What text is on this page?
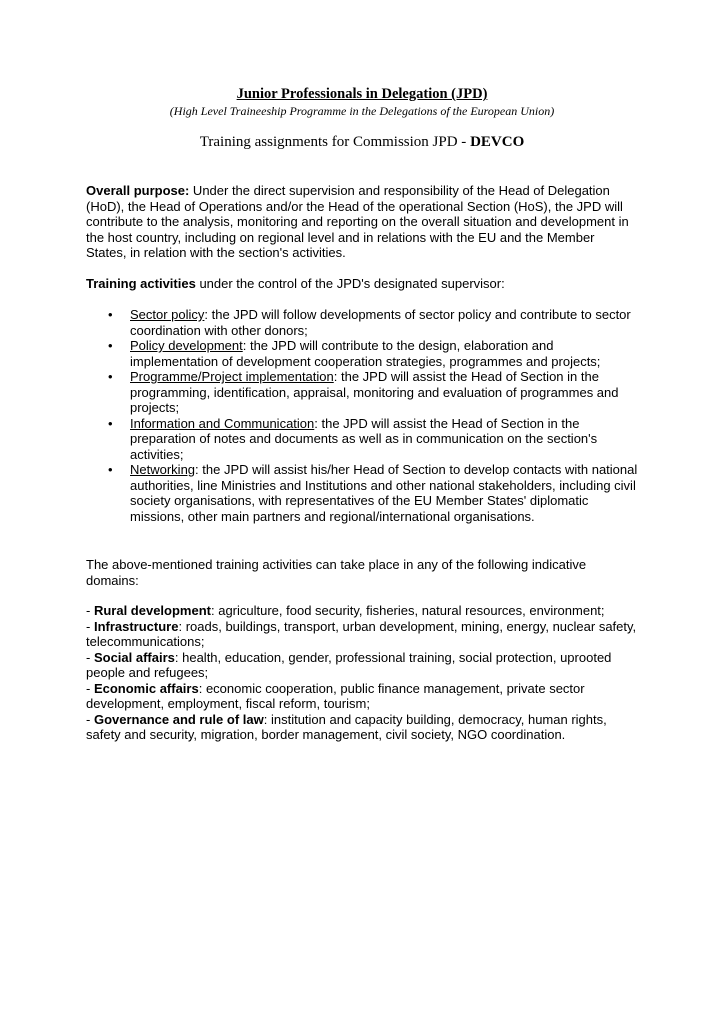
Junior Professionals in Delegation (JPD)
(High Level Traineeship Programme in the Delegations of the European Union)
Training assignments for Commission JPD - DEVCO
Overall purpose: Under the direct supervision and responsibility of the Head of Delegation (HoD), the Head of Operations and/or the Head of the operational Section (HoS), the JPD will contribute to the analysis, monitoring and reporting on the overall situation and development in the host country, including on regional level and in relations with the EU and the Member States, in relation with the section's activities.
Training activities under the control of the JPD's designated supervisor:
• Sector policy: the JPD will follow developments of sector policy and contribute to sector coordination with other donors;
• Policy development: the JPD will contribute to the design, elaboration and implementation of development cooperation strategies, programmes and projects;
• Programme/Project implementation: the JPD will assist the Head of Section in the programming, identification, appraisal, monitoring and evaluation of programmes and projects;
• Information and Communication: the JPD will assist the Head of Section in the preparation of notes and documents as well as in communication on the section's activities;
• Networking: the JPD will assist his/her Head of Section to develop contacts with national authorities, line Ministries and Institutions and other national stakeholders, including civil society organisations, with representatives of the EU Member States' diplomatic missions, other main partners and regional/international organisations.
The above-mentioned training activities can take place in any of the following indicative domains:
- Rural development: agriculture, food security, fisheries, natural resources, environment;
- Infrastructure: roads, buildings, transport, urban development, mining, energy, nuclear safety, telecommunications;
- Social affairs: health, education, gender, professional training, social protection, uprooted people and refugees;
- Economic affairs: economic cooperation, public finance management, private sector development, employment, fiscal reform, tourism;
- Governance and rule of law: institution and capacity building, democracy, human rights, safety and security, migration, border management, civil society, NGO coordination.
